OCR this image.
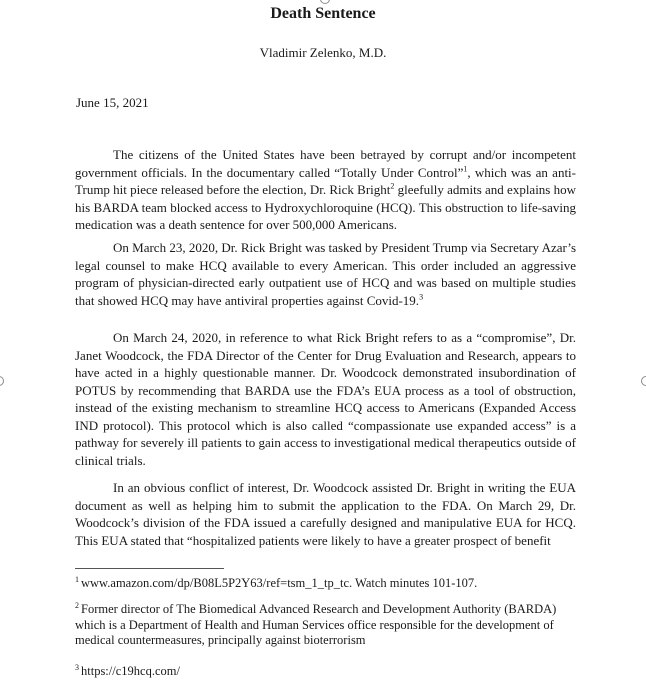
Death Sentence
Vladimir Zelenko, M.D.
June 15, 2021

The citizens of the United States have been betrayed by corrupt and/or incompetent government officials. In the documentary called “Totally Under Control”$^1$, which was an anti-Trump hit piece released before the election, Dr. Rick Bright$^2$ gleefully admits and explains how his BARDA team blocked access to Hydroxychloroquine (HCQ). This obstruction to life-saving medication was a death sentence for over 500,000 Americans.

On March 23, 2020, Dr. Rick Bright was tasked by President Trump via Secretary Azar’s legal counsel to make HCQ available to every American. This order included an aggressive program of physician-directed early outpatient use of HCQ and was based on multiple studies that showed HCQ may have antiviral properties against Covid-19.$^3$

On March 24, 2020, in reference to what Rick Bright refers to as a “compromise”, Dr. Janet Woodcock, the FDA Director of the Center for Drug Evaluation and Research, appears to have acted in a highly questionable manner. Dr. Woodcock demonstrated insubordination of POTUS by recommending that BARDA use the FDA’s EUA process as a tool of obstruction, instead of the existing mechanism to streamline HCQ access to Americans (Expanded Access IND protocol). This protocol which is also called “compassionate use expanded access” is a pathway for severely ill patients to gain access to investigational medical therapeutics outside of clinical trials.

In an obvious conflict of interest, Dr. Woodcock assisted Dr. Bright in writing the EUA document as well as helping him to submit the application to the FDA. On March 29, Dr. Woodcock’s division of the FDA issued a carefully designed and manipulative EUA for HCQ. This EUA stated that “hospitalized patients were likely to have a greater prospect of benefit

$^1$ www.amazon.com/dp/B08L5P2Y63/ref=tsm_1_tp_tc. Watch minutes 101-107.

$^2$ Former director of The Biomedical Advanced Research and Development Authority (BARDA) which is a Department of Health and Human Services office responsible for the development of medical countermeasures, principally against bioterrorism

$^3$ https://c19hcq.com/
